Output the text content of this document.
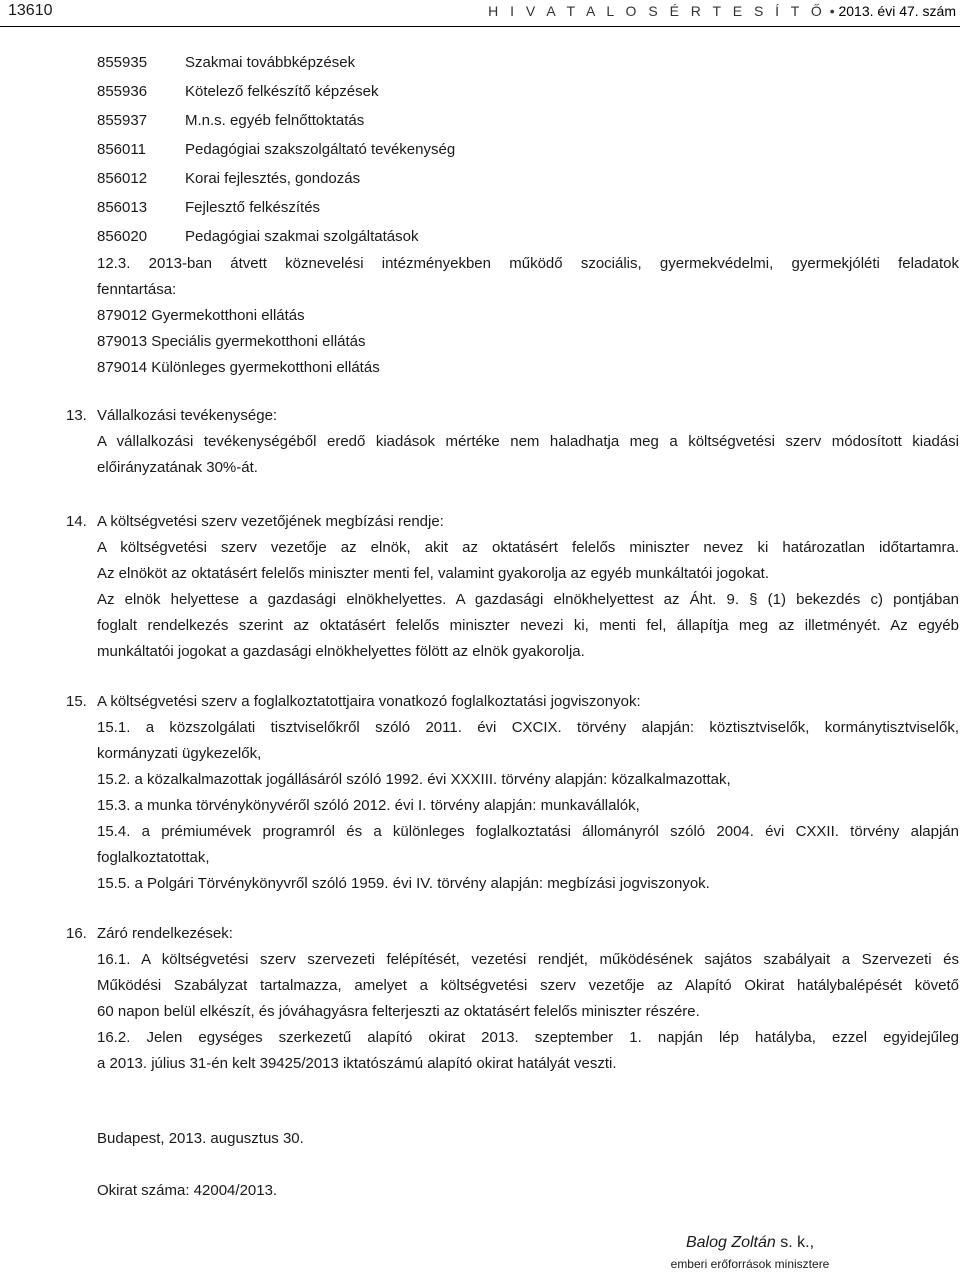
13610	H I V A T A L O S É R T E S Í T Ő • 2013. évi 47. szám
855935	Szakmai továbbképzések
855936	Kötelező felkészítő képzések
855937	M.n.s. egyéb felnőttoktatás
856011	Pedagógiai szakszolgáltató tevékenység
856012	Korai fejlesztés, gondozás
856013	Fejlesztő felkészítés
856020	Pedagógiai szakmai szolgáltatások

12.3. 2013-ban átvett köznevelési intézményekben működő szociális, gyermekvédelmi, gyermekjóléti feladatok

fenntartása:

879012 Gyermekotthoni ellátás

879013 Speciális gyermekotthoni ellátás

879014 Különleges gyermekotthoni ellátás

13. Vállalkozási tevékenysége:

A vállalkozási tevékenységéből eredő kiadások mértéke nem haladhatja meg a költségvetési szerv módosított kiadási

előirányzatának 30%-át.

14. A költségvetési szerv vezetőjének megbízási rendje:

A költségvetési szerv vezetője az elnök, akit az oktatásért felelős miniszter nevez ki határozatlan időtartamra.

Az elnököt az oktatásért felelős miniszter menti fel, valamint gyakorolja az egyéb munkáltatói jogokat.

Az elnök helyettese a gazdasági elnökhelyettes. A gazdasági elnökhelyettest az Áht. 9. § (1) bekezdés c) pontjában

foglalt rendelkezés szerint az oktatásért felelős miniszter nevezi ki, menti fel, állapítja meg az illetményét. Az egyéb

munkáltatói jogokat a gazdasági elnökhelyettes fölött az elnök gyakorolja.

15. A költségvetési szerv a foglalkoztatottjaira vonatkozó foglalkoztatási jogviszonyok:

15.1. a közszolgálati tisztviselőkről szóló 2011. évi CXCIX. törvény alapján: köztisztviselők, kormánytisztviselők,

kormányzati ügykezelők,

15.2. a közalkalmazottak jogállásáról szóló 1992. évi XXXIII. törvény alapján: közalkalmazottak,

15.3. a munka törvénykönyvéről szóló 2012. évi I. törvény alapján: munkavállalók,

15.4. a prémiumévek programról és a különleges foglalkoztatási állományról szóló 2004. évi CXXII. törvény alapján

foglalkoztatottak,

15.5. a Polgári Törvénykönyvről szóló 1959. évi IV. törvény alapján: megbízási jogviszonyok.

16. Záró rendelkezések:

16.1. A költségvetési szerv szervezeti felépítését, vezetési rendjét, működésének sajátos szabályait a Szervezeti és

Működési Szabályzat tartalmazza, amelyet a költségvetési szerv vezetője az Alapító Okirat hatálybalépését követő

60 napon belül elkészít, és jóváhagyásra felterjeszti az oktatásért felelős miniszter részére.

16.2. Jelen egységes szerkezetű alapító okirat 2013. szeptember 1. napján lép hatályba, ezzel egyidejűleg

a 2013. július 31-én kelt 39425/2013 iktatószámú alapító okirat hatályát veszti.

Budapest, 2013. augusztus 30.
Okirat száma: 42004/2013.
Balog Zoltán s. k.,
emberi erőforrások minisztere
